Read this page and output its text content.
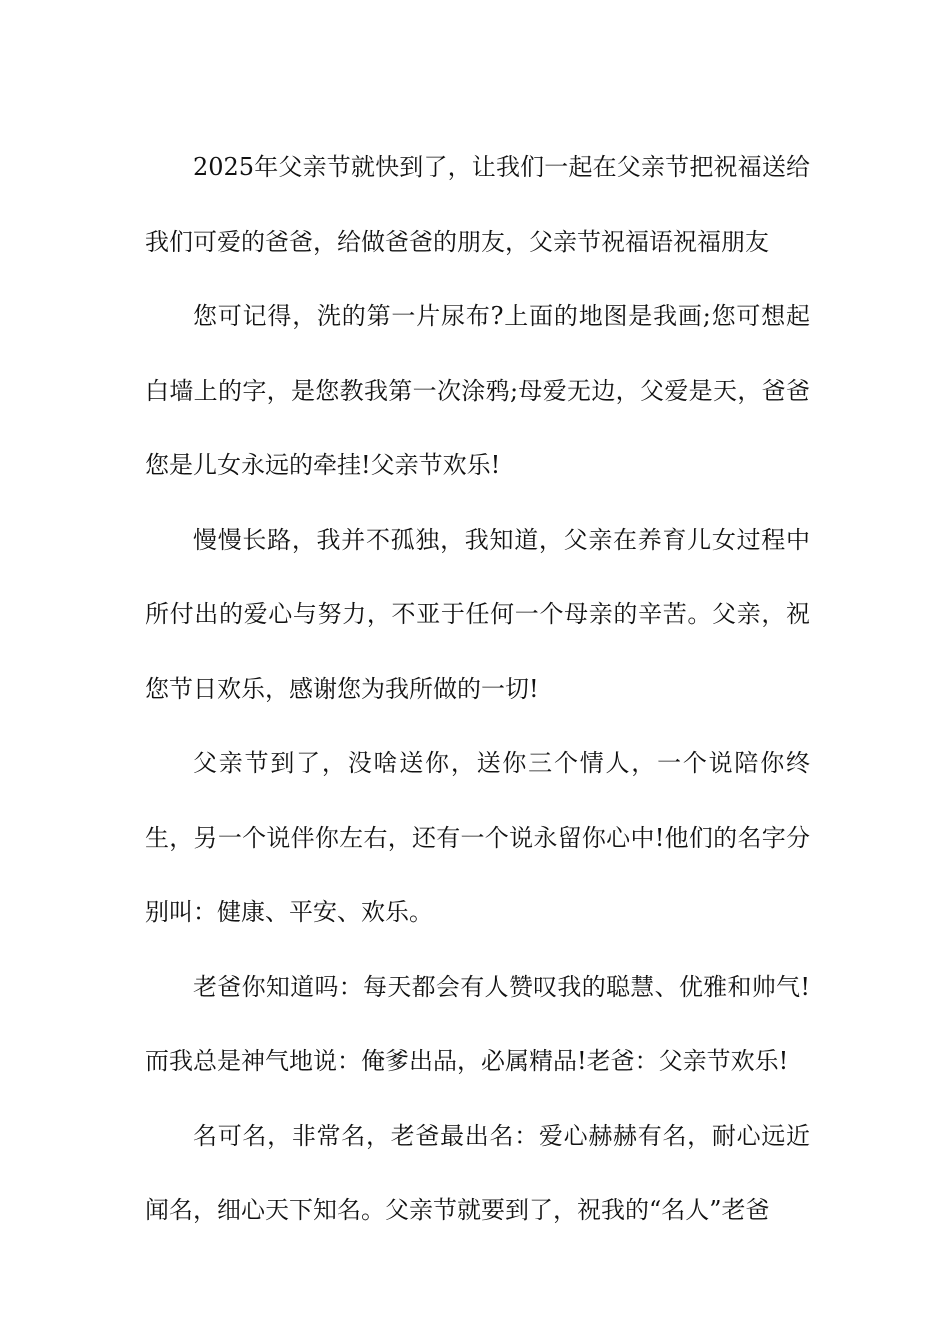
2025年父亲节就快到了，让我们一起在父亲节把祝福送给我们可爱的爸爸，给做爸爸的朋友，父亲节祝福语祝福朋友

您可记得，洗的第一片尿布?上面的地图是我画;您可想起白墙上的字，是您教我第一次涂鸦;母爱无边，父爱是天，爸爸您是儿女永远的牵挂!父亲节欢乐!

慢慢长路，我并不孤独，我知道，父亲在养育儿女过程中所付出的爱心与努力，不亚于任何一个母亲的辛苦。父亲，祝您节日欢乐，感谢您为我所做的一切!

父亲节到了，没啥送你，送你三个情人，一个说陪你终生，另一个说伴你左右，还有一个说永留你心中!他们的名字分别叫：健康、平安、欢乐。

老爸你知道吗：每天都会有人赞叹我的聪慧、优雅和帅气!而我总是神气地说：俺爹出品，必属精品!老爸：父亲节欢乐!

名可名，非常名，老爸最出名：爱心赫赫有名，耐心远近闻名，细心天下知名。父亲节就要到了，祝我的“名人”老爸
